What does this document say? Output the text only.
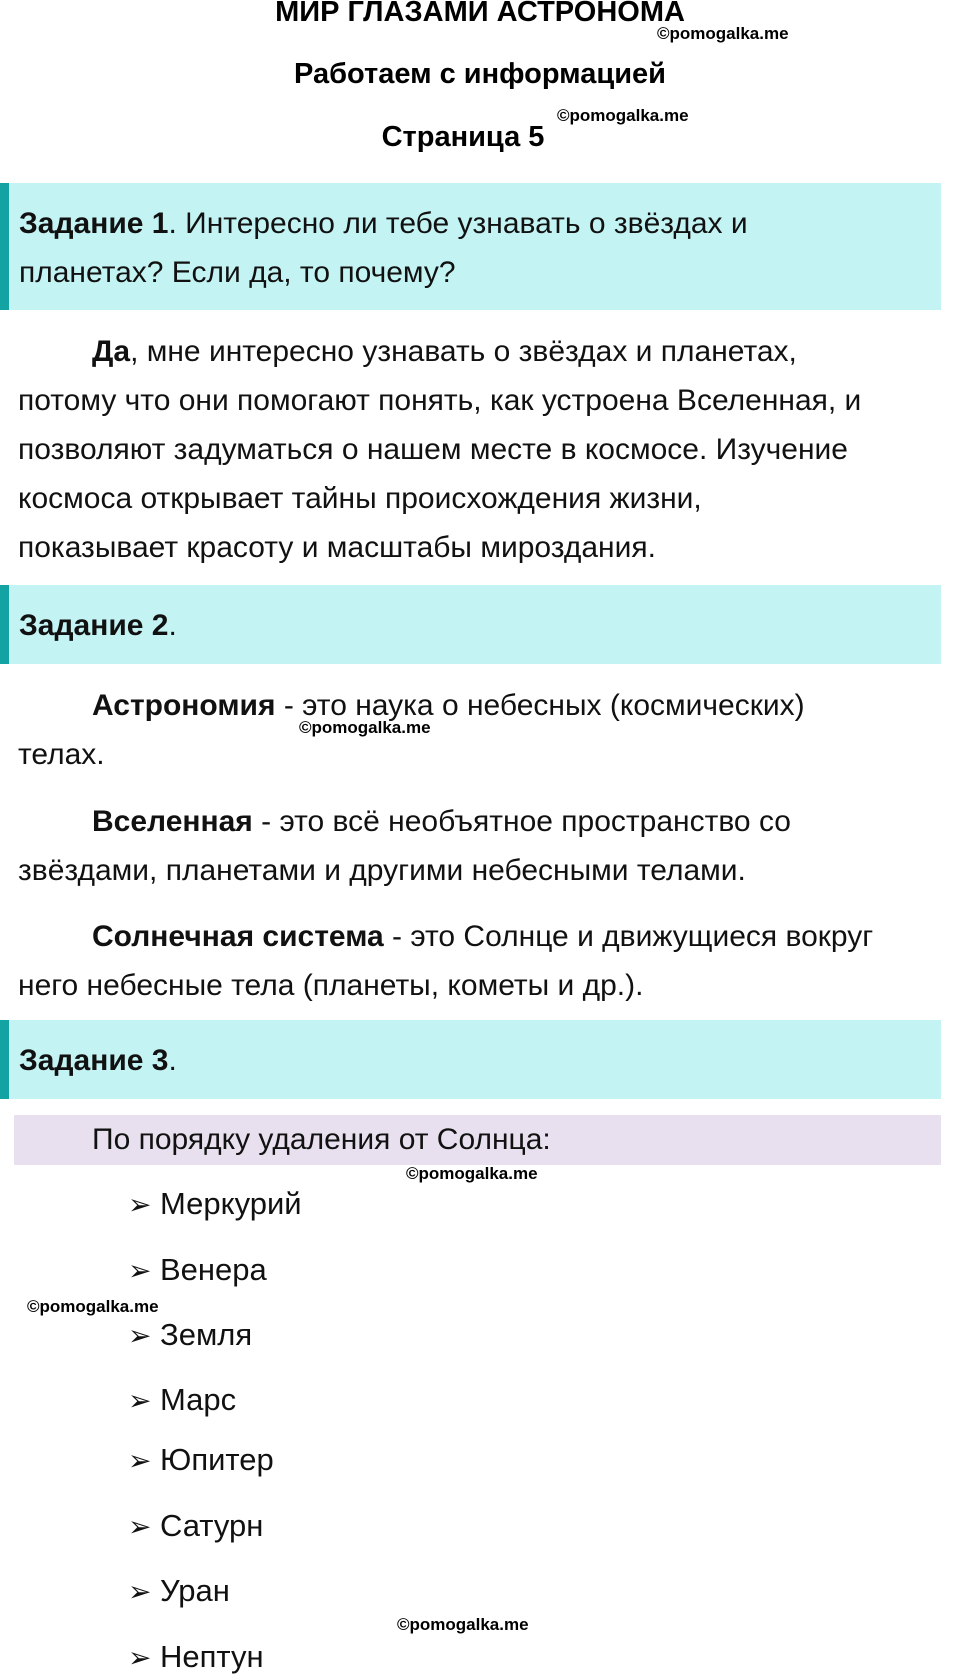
МИР ГЛАЗАМИ АСТРОНОМА
©pomogalka.me
Работаем с информацией
Страница 5
©pomogalka.me
Задание 1. Интересно ли тебе узнавать о звёздах и
планетах? Если да, то почему?
Да, мне интересно узнавать о звёздах и планетах,
потому что они помогают понять, как устроена Вселенная, и
позволяют задуматься о нашем месте в космосе. Изучение
космоса открывает тайны происхождения жизни,
показывает красоту и масштабы мироздания.
Задание 2.
Астрономия - это наука о небесных (космических)
телах.
©pomogalka.me
Вселенная - это всё необъятное пространство со
звёздами, планетами и другими небесными телами.
Солнечная система - это Солнце и движущиеся вокруг
него небесные тела (планеты, кометы и др.).
Задание 3.
По порядку удаления от Солнца:
©pomogalka.me
➢ Меркурий
➢ Венера
©pomogalka.me
➢ Земля
➢ Марс
➢ Юпитер
➢ Сатурн
➢ Уран
©pomogalka.me
➢ Нептун
